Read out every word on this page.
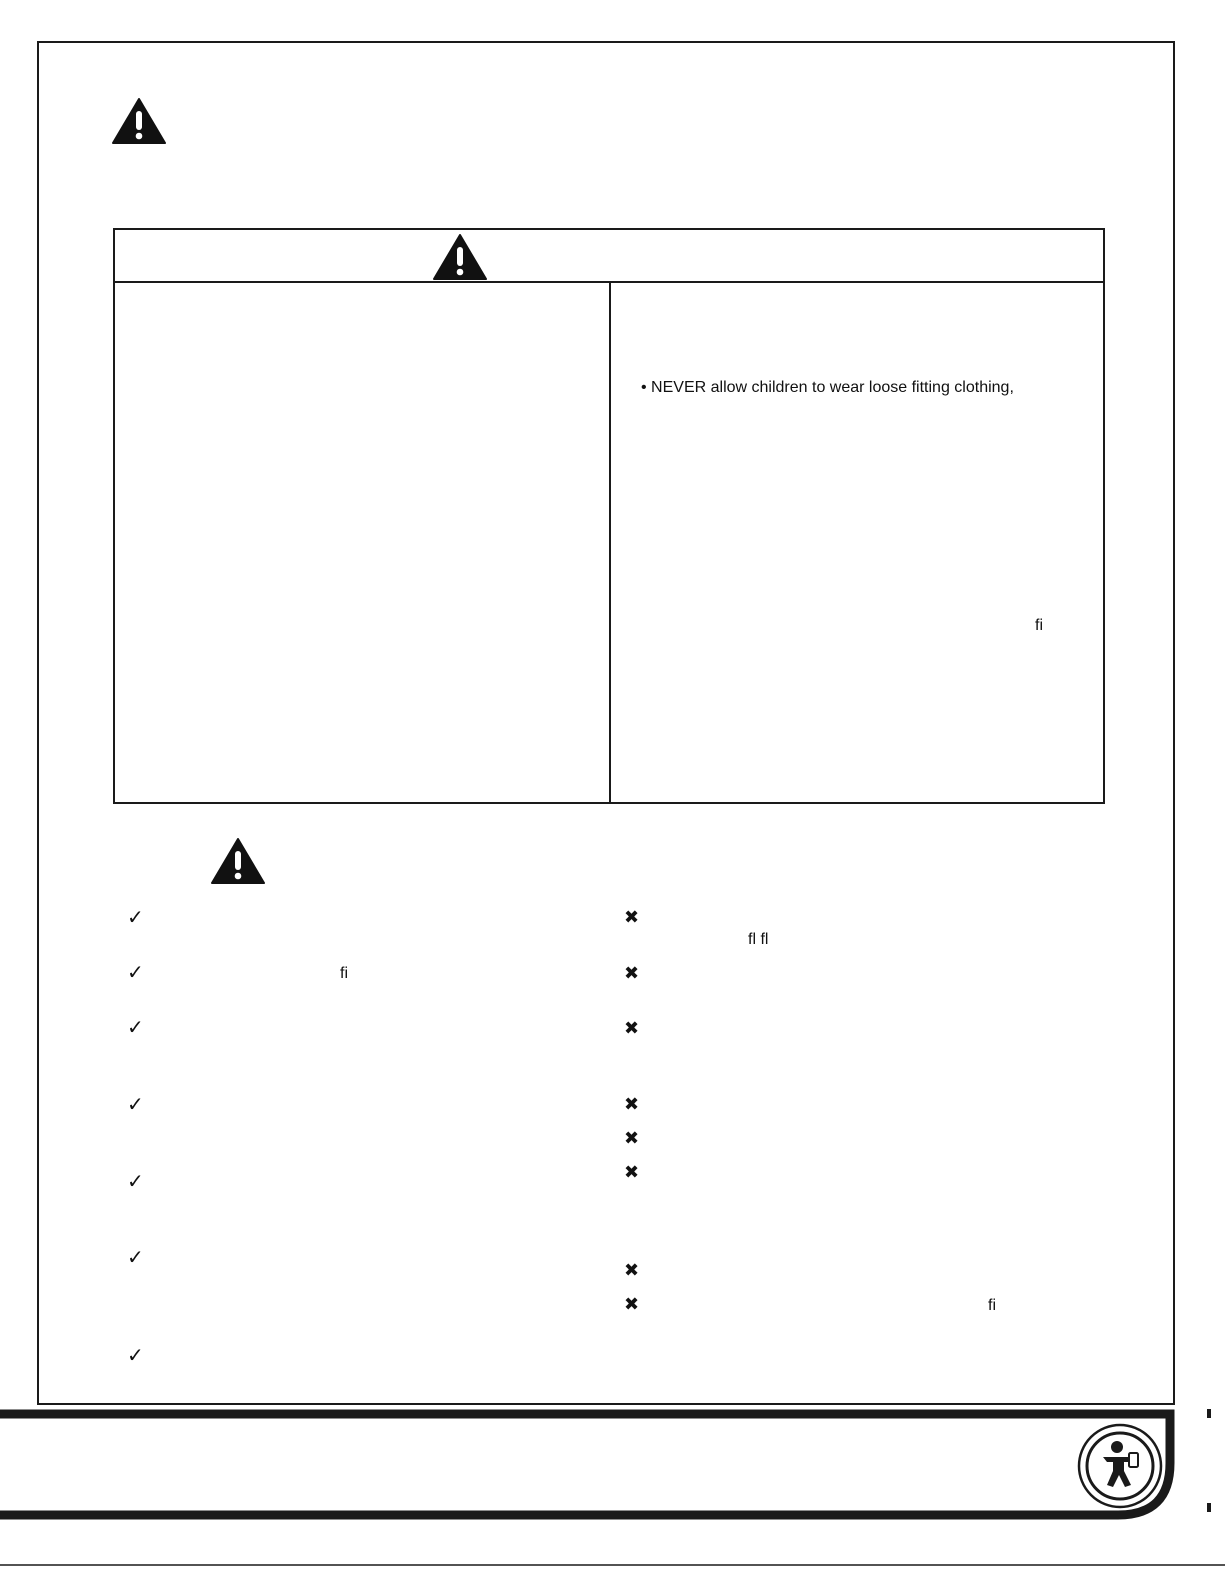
• NEVER allow children to wear loose fitting clothing,
fi
✓
✓	fi
✓
✓
✓
✓
✓
✖
fl fl
✖
✖
✖
✖
✖
✖
✖	fi
